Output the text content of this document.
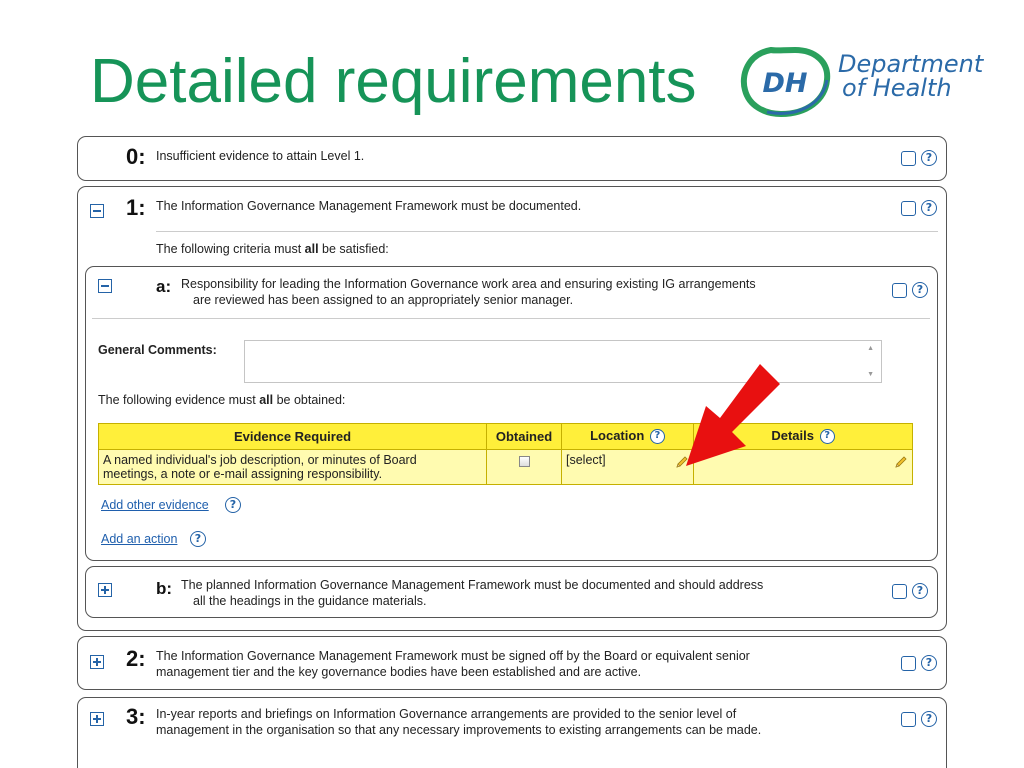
Detailed requirements DH
Department
of Health
0: Insufficient evidence to attain Level 1.	?
1: The Information Governance Management Framework must be documented.	?
The following criteria must all be satisfied:
a: Responsibility for leading the Information Governance work area and ensuring existing IG arrangements
are reviewed has been assigned to an appropriately senior manager.
?
General Comments:	▲
▼
The following evidence must all be obtained:
Evidence Required	Obtained	Location ?	Details ?
A named individual's job description, or minutes of Board
meetings, a note or e-mail assigning responsibility.		[select]

Add other evidence	?
Add an action	?
b: The planned Information Governance Management Framework must be documented and should address
all the headings in the guidance materials.
?
2: The Information Governance Management Framework must be signed off by the Board or equivalent senior
management tier and the key governance bodies have been established and are active.
?
3: In-year reports and briefings on Information Governance arrangements are provided to the senior level of
management in the organisation so that any necessary improvements to existing arrangements can be made.
?
